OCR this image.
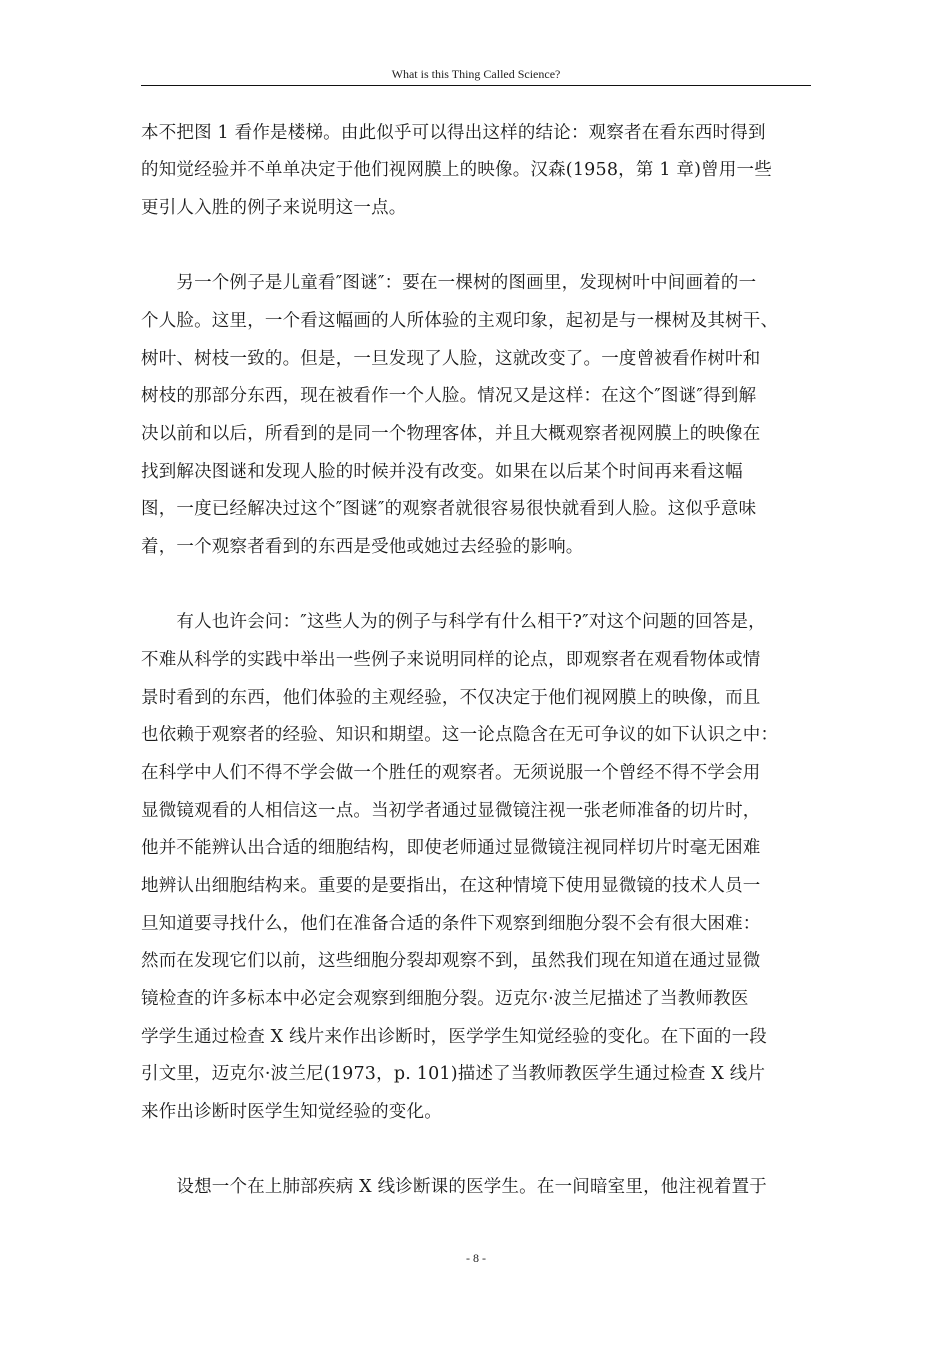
What is this Thing Called Science?
本不把图 1 看作是楼梯。由此似乎可以得出这样的结论：观察者在看东西时得到
的知觉经验并不单单决定于他们视网膜上的映像。汉森(1958，第 1 章)曾用一些
更引人入胜的例子来说明这一点。
　　另一个例子是儿童看″图谜″：要在一棵树的图画里，发现树叶中间画着的一
个人脸。这里，一个看这幅画的人所体验的主观印象，起初是与一棵树及其树干、
树叶、树枝一致的。但是，一旦发现了人脸，这就改变了。一度曾被看作树叶和
树枝的那部分东西，现在被看作一个人脸。情况又是这样：在这个″图谜″得到解
决以前和以后，所看到的是同一个物理客体，并且大概观察者视网膜上的映像在
找到解决图谜和发现人脸的时候并没有改变。如果在以后某个时间再来看这幅
图，一度已经解决过这个″图谜″的观察者就很容易很快就看到人脸。这似乎意味
着，一个观察者看到的东西是受他或她过去经验的影响。
　　有人也许会问：″这些人为的例子与科学有什么相干?″对这个问题的回答是，
不难从科学的实践中举出一些例子来说明同样的论点，即观察者在观看物体或情
景时看到的东西，他们体验的主观经验，不仅决定于他们视网膜上的映像，而且
也依赖于观察者的经验、知识和期望。这一论点隐含在无可争议的如下认识之中：
在科学中人们不得不学会做一个胜任的观察者。无须说服一个曾经不得不学会用
显微镜观看的人相信这一点。当初学者通过显微镜注视一张老师准备的切片时，
他并不能辨认出合适的细胞结构，即使老师通过显微镜注视同样切片时毫无困难
地辨认出细胞结构来。重要的是要指出，在这种情境下使用显微镜的技术人员一
旦知道要寻找什么，他们在准备合适的条件下观察到细胞分裂不会有很大困难：
然而在发现它们以前，这些细胞分裂却观察不到，虽然我们现在知道在通过显微
镜检查的许多标本中必定会观察到细胞分裂。迈克尔·波兰尼描述了当教师教医
学学生通过检查 X 线片来作出诊断时，医学学生知觉经验的变化。在下面的一段
引文里，迈克尔·波兰尼(1973，p. 101)描述了当教师教医学生通过检查 X 线片
来作出诊断时医学生知觉经验的变化。
　　设想一个在上肺部疾病 X 线诊断课的医学生。在一间暗室里，他注视着置于
- 8 -
